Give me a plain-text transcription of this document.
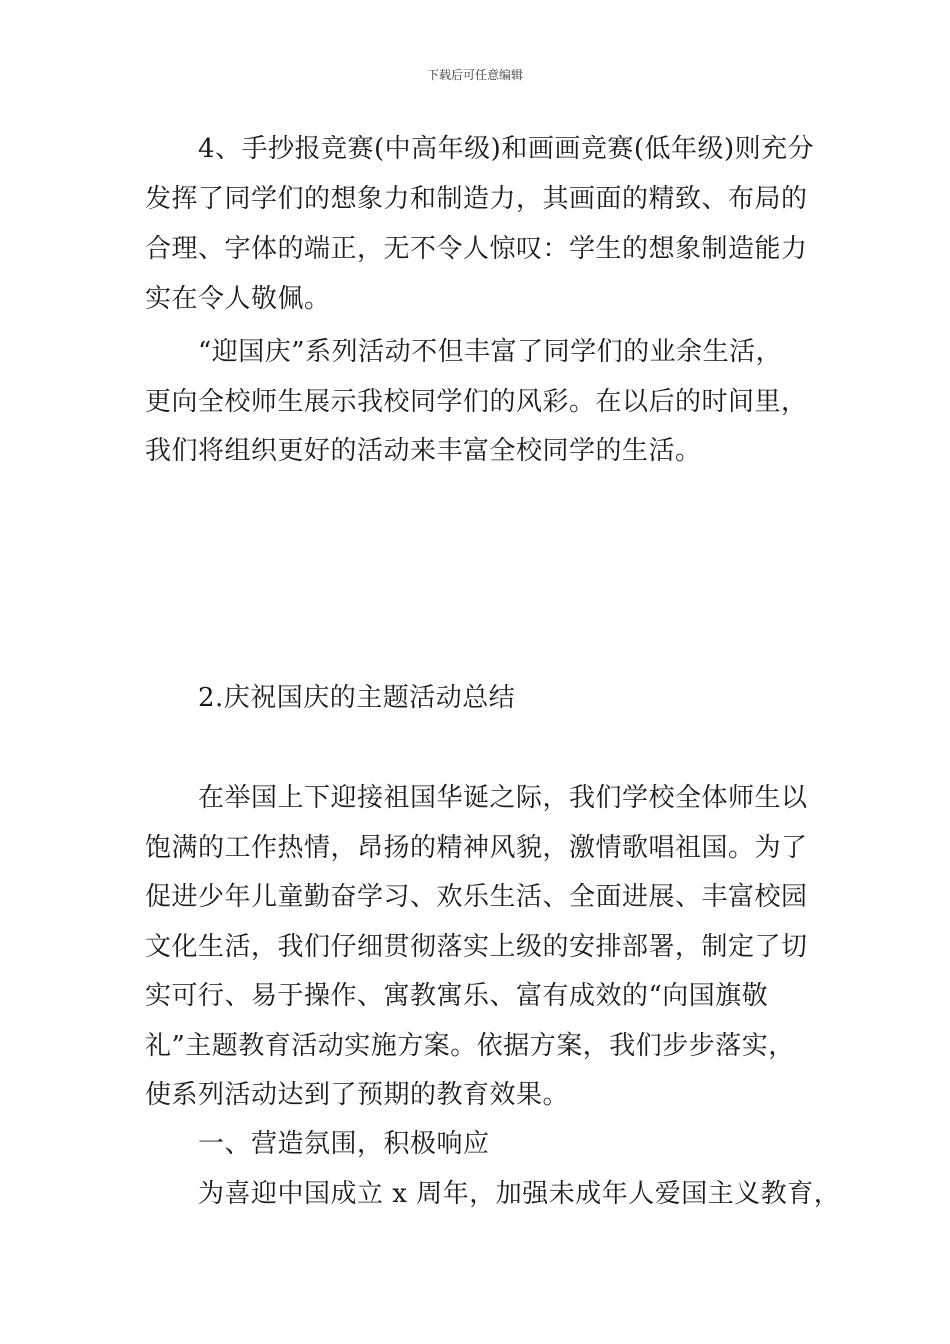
下载后可任意编辑
4、手抄报竞赛(中高年级)和画画竞赛(低年级)则充分
发挥了同学们的想象力和制造力，其画面的精致、布局的
合理、字体的端正，无不令人惊叹：学生的想象制造能力
实在令人敬佩。
“迎国庆”系列活动不但丰富了同学们的业余生活，
更向全校师生展示我校同学们的风彩。在以后的时间里，
我们将组织更好的活动来丰富全校同学的生活。
2.庆祝国庆的主题活动总结
在举国上下迎接祖国华诞之际，我们学校全体师生以
饱满的工作热情，昂扬的精神风貌，激情歌唱祖国。为了
促进少年儿童勤奋学习、欢乐生活、全面进展、丰富校园
文化生活，我们仔细贯彻落实上级的安排部署，制定了切
实可行、易于操作、寓教寓乐、富有成效的“向国旗敬
礼”主题教育活动实施方案。依据方案，我们步步落实，
使系列活动达到了预期的教育效果。
一、营造氛围，积极响应
为喜迎中国成立 x 周年，加强未成年人爱国主义教育，
